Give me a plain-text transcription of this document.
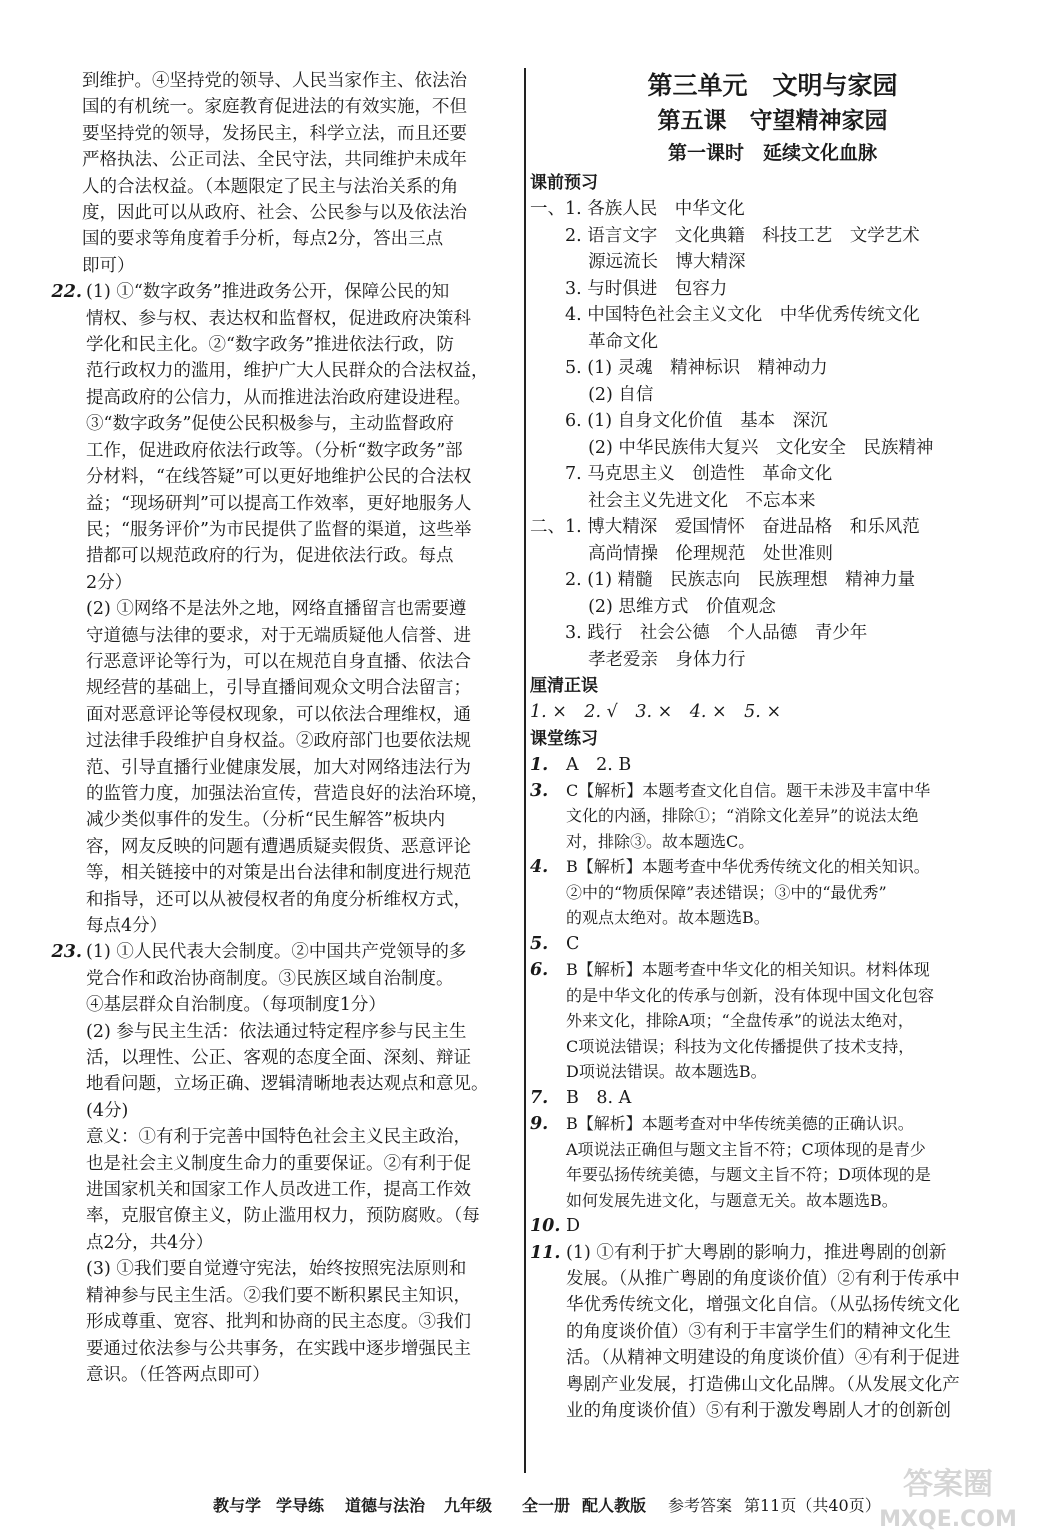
到维护。④坚持党的领导、人民当家作主、依法治

国的有机统一。家庭教育促进法的有效实施，不但

要坚持党的领导，发扬民主，科学立法，而且还要

严格执法、公正司法、全民守法，共同维护未成年

人的合法权益。（本题限定了民主与法治关系的角

度，因此可以从政府、社会、公民参与以及依法治

国的要求等角度着手分析，每点2分，答出三点

即可）

22. (1) ①“数字政务”推进政务公开，保障公民的知

情权、参与权、表达权和监督权，促进政府决策科

学化和民主化。②“数字政务”推进依法行政，防

范行政权力的滥用，维护广大人民群众的合法权益，

提高政府的公信力，从而推进法治政府建设进程。

③“数字政务”促使公民积极参与，主动监督政府

工作，促进政府依法行政等。（分析“数字政务”部

分材料，“在线答疑”可以更好地维护公民的合法权

益；“现场研判”可以提高工作效率，更好地服务人

民；“服务评价”为市民提供了监督的渠道，这些举

措都可以规范政府的行为，促进依法行政。每点

2分）

(2) ①网络不是法外之地，网络直播留言也需要遵

守道德与法律的要求，对于无端质疑他人信誉、进

行恶意评论等行为，可以在规范自身直播、依法合

规经营的基础上，引导直播间观众文明合法留言；

面对恶意评论等侵权现象，可以依法合理维权，通

过法律手段维护自身权益。②政府部门也要依法规

范、引导直播行业健康发展，加大对网络违法行为

的监管力度，加强法治宣传，营造良好的法治环境，

减少类似事件的发生。（分析“民生解答”板块内

容，网友反映的问题有遭遇质疑卖假货、恶意评论

等，相关链接中的对策是出台法律和制度进行规范

和指导，还可以从被侵权者的角度分析维权方式，

每点4分）

23. (1) ①人民代表大会制度。②中国共产党领导的多

党合作和政治协商制度。③民族区域自治制度。

④基层群众自治制度。（每项制度1分）

(2) 参与民主生活：依法通过特定程序参与民主生

活，以理性、公正、客观的态度全面、深刻、辩证

地看问题，立场正确、逻辑清晰地表达观点和意见。

(4分)

意义：①有利于完善中国特色社会主义民主政治，

也是社会主义制度生命力的重要保证。②有利于促

进国家机关和国家工作人员改进工作，提高工作效

率，克服官僚主义，防止滥用权力，预防腐败。（每

点2分，共4分）

(3) ①我们要自觉遵守宪法，始终按照宪法原则和

精神参与民主生活。②我们要不断积累民主知识，

形成尊重、宽容、批判和协商的民主态度。③我们

要通过依法参与公共事务，在实践中逐步增强民主

意识。（任答两点即可）

第三单元　文明与家园
第五课　守望精神家园
第一课时　延续文化血脉
课前预习
一、1. 各族人民　中华文化
　　2. 语言文字　文化典籍　科技工艺　文学艺术
　　　 源远流长　博大精深
　　3. 与时俱进　包容力
　　4. 中国特色社会主义文化　中华优秀传统文化
　　　 革命文化
　　5. (1) 灵魂　精神标识　精神动力
　　　 (2) 自信
　　6. (1) 自身文化价值　基本　深沉
　　　 (2) 中华民族伟大复兴　文化安全　民族精神
　　7. 马克思主义　创造性　革命文化
　　　 社会主义先进文化　不忘本来
二、1. 博大精深　爱国情怀　奋进品格　和乐风范
　　　 高尚情操　伦理规范　处世准则
　　2. (1) 精髓　民族志向　民族理想　精神力量
　　　 (2) 思维方式　价值观念
　　3. 践行　社会公德　个人品德　青少年
　　　 孝老爱亲　身体力行
厘清正误
1. ×　2. √　3. ×　4. ×　5. ×
课堂练习
1.	A　2. B

3.	C【解析】本题考查文化自信。题干未涉及丰富中华

文化的内涵，排除①；“消除文化差异”的说法太绝

对，排除③。故本题选C。

4.	B【解析】本题考查中华优秀传统文化的相关知识。

②中的“物质保障”表述错误；③中的“最优秀”

的观点太绝对。故本题选B。

5.	C

6.	B【解析】本题考查中华文化的相关知识。材料体现

的是中华文化的传承与创新，没有体现中国文化包容

外来文化，排除A项；“全盘传承”的说法太绝对，

C项说法错误；科技为文化传播提供了技术支持，

D项说法错误。故本题选B。

7.	B　8. A

9.	B【解析】本题考查对中华传统美德的正确认识。

A项说法正确但与题文主旨不符；C项体现的是青少

年要弘扬传统美德，与题文主旨不符；D项体现的是

如何发展先进文化，与题意无关。故本题选B。

10. D

11. (1) ①有利于扩大粤剧的影响力，推进粤剧的创新

发展。（从推广粤剧的角度谈价值）②有利于传承中

华优秀传统文化，增强文化自信。（从弘扬传统文化

的角度谈价值）③有利于丰富学生们的精神文化生

活。（从精神文明建设的角度谈价值）④有利于促进

粤剧产业发展，打造佛山文化品牌。（从发展文化产

业的角度谈价值）⑤有利于激发粤剧人才的创新创

教与学 学导练 道德与法治 九年级 全一册 配人教版 参考答案 第11页（共40页）
答案圈
MXQE.COM
